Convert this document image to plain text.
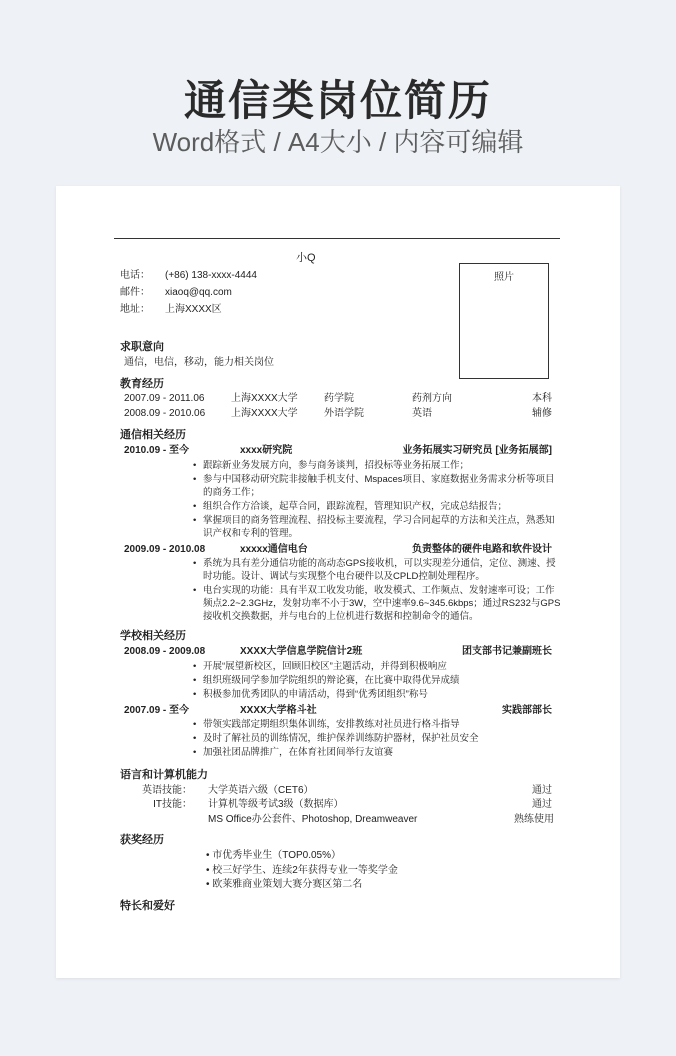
通信类岗位简历
Word格式 / A4大小 / 内容可编辑
小Q
电话： (+86) 138-xxxx-4444
邮件： xiaoq@qq.com
地址： 上海XXXX区
照片
求职意向
通信，电信，移动，能力相关岗位
教育经历
2007.09 - 2011.06	上海XXXX大学	药学院	药剂方向	本科
2008.09 - 2010.06	上海XXXX大学	外语学院	英语	辅修
通信相关经历
2010.09 - 至今	xxxx研究院	业务拓展实习研究员 [业务拓展部]
• 跟踪新业务发展方向，参与商务谈判，招投标等业务拓展工作；
• 参与中国移动研究院非接触手机支付、Mspaces项目、家庭数据业务需求分析等项目的商务工作；
• 组织合作方洽谈，起草合同，跟踪流程，管理知识产权，完成总结报告；
• 掌握项目的商务管理流程、招投标主要流程，学习合同起草的方法和关注点，熟悉知识产权和专利的管理。
2009.09 - 2010.08	xxxxx通信电台	负责整体的硬件电路和软件设计
• 系统为具有差分通信功能的高动态GPS接收机，可以实现差分通信，定位、测速、授时功能。设计、调试与实现整个电台硬件以及CPLD控制处理程序。
• 电台实现的功能：具有半双工收发功能，收发模式、工作频点、发射速率可设；工作频点2.2~2.3GHz，发射功率不小于3W，空中速率9.6~345.6kbps；通过RS232与GPS接收机交换数据，并与电台的上位机进行数据和控制命令的通信。
学校相关经历
2008.09 - 2009.08	XXXX大学信息学院信计2班	团支部书记兼副班长
• 开展“展望新校区，回顾旧校区”主题活动，并得到积极响应
• 组织班级同学参加学院组织的辩论赛，在比赛中取得优异成绩
• 积极参加优秀团队的申请活动，得到“优秀团组织”称号
2007.09 - 至今	XXXX大学格斗社	实践部部长
• 带领实践部定期组织集体训练，安排教练对社员进行格斗指导
• 及时了解社员的训练情况，维护保养训练防护器材，保护社员安全
• 加强社团品牌推广，在体育社团间举行友谊赛
语言和计算机能力
英语技能： 大学英语六级（CET6）	通过
IT技能： 计算机等级考试3级（数据库）	通过
MS Office办公套件、Photoshop, Dreamweaver	熟练使用
获奖经历
• 市优秀毕业生（TOP0.05%）
• 校三好学生、连续2年获得专业一等奖学金
• 欧莱雅商业策划大赛分赛区第二名
特长和爱好
